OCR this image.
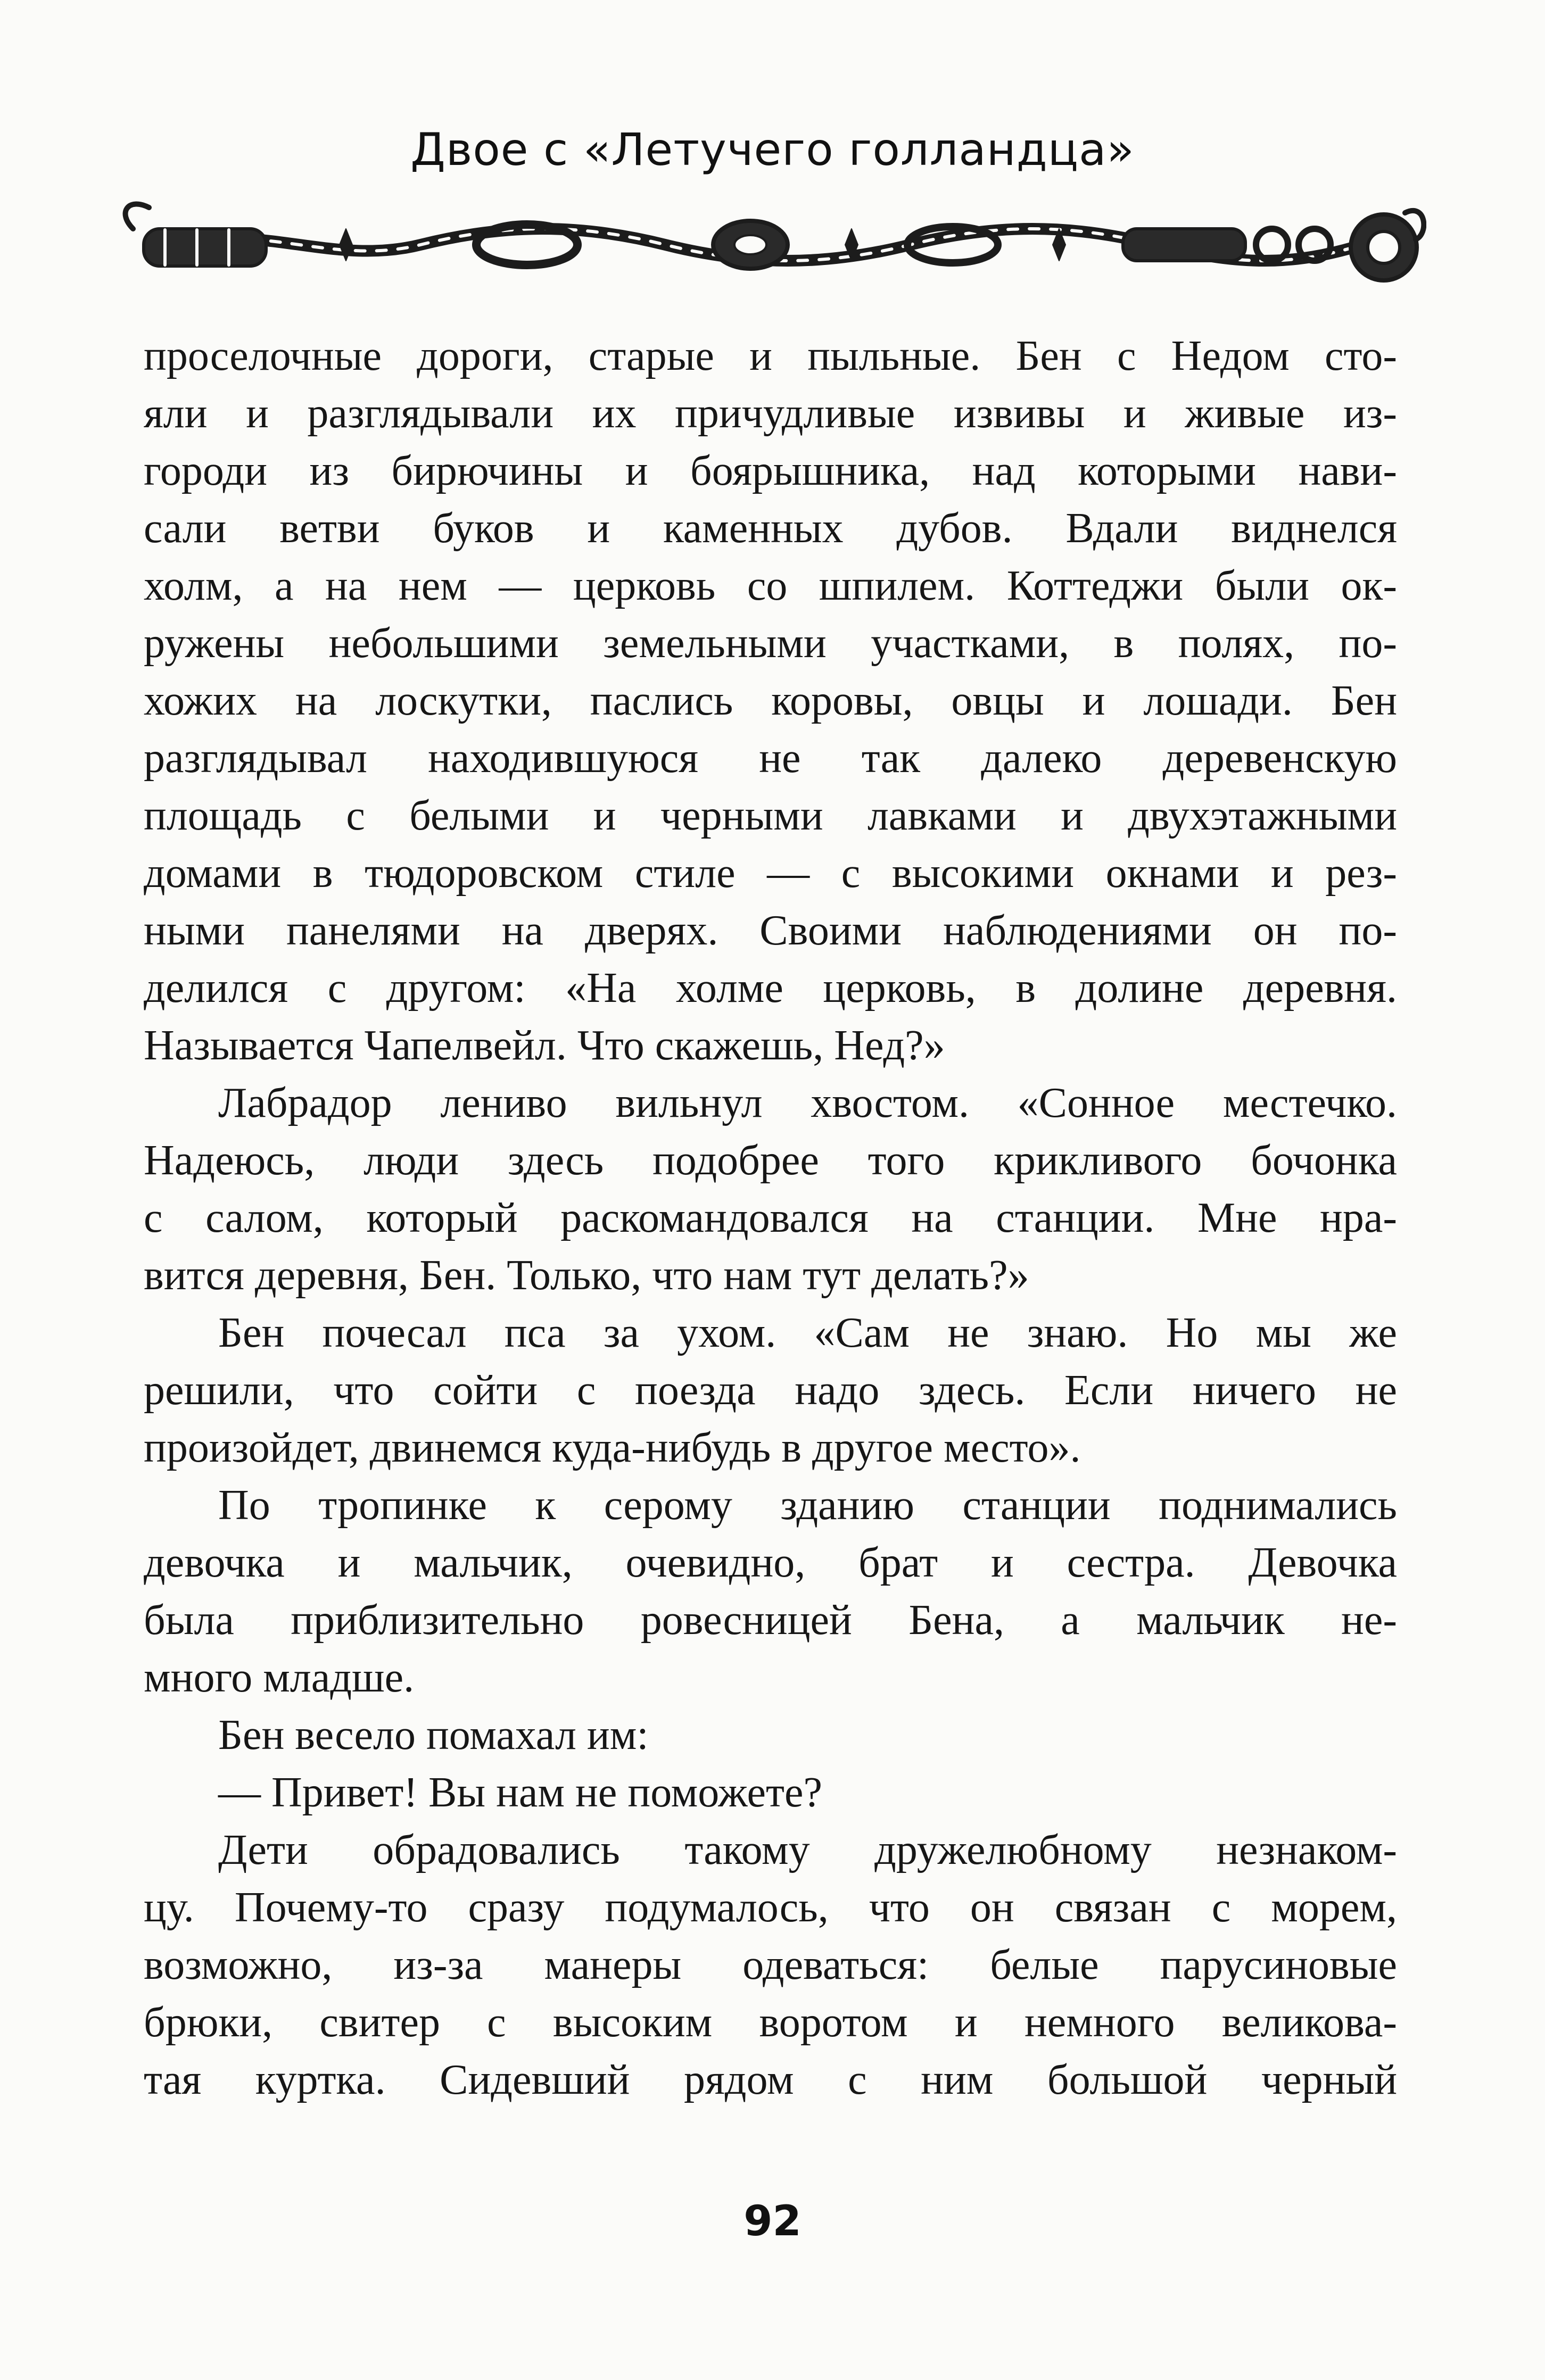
Двое с «Летучего голландца»
проселочные дороги, старые и пыльные. Бен с Недом сто-
яли и разглядывали их причудливые извивы и живые из-
городи из бирючины и боярышника, над которыми нави-
сали ветви буков и каменных дубов. Вдали виднелся
холм, а на нем — церковь со шпилем. Коттеджи были ок-
ружены небольшими земельными участками, в полях, по-
хожих на лоскутки, паслись коровы, овцы и лошади. Бен
разглядывал находившуюся не так далеко деревенскую
площадь с белыми и черными лавками и двухэтажными
домами в тюдоровском стиле — с высокими окнами и рез-
ными панелями на дверях. Своими наблюдениями он по-
делился с другом: «На холме церковь, в долине деревня.
Называется Чапелвейл. Что скажешь, Нед?»
Лабрадор лениво вильнул хвостом. «Сонное местечко.
Надеюсь, люди здесь подобрее того крикливого бочонка
с салом, который раскомандовался на станции. Мне нра-
вится деревня, Бен. Только, что нам тут делать?»
Бен почесал пса за ухом. «Сам не знаю. Но мы же
решили, что сойти с поезда надо здесь. Если ничего не
произойдет, двинемся куда-нибудь в другое место».
По тропинке к серому зданию станции поднимались
девочка и мальчик, очевидно, брат и сестра. Девочка
была приблизительно ровесницей Бена, а мальчик не-
много младше.
Бен весело помахал им:
— Привет! Вы нам не поможете?
Дети обрадовались такому дружелюбному незнаком-
цу. Почему-то сразу подумалось, что он связан с морем,
возможно, из-за манеры одеваться: белые парусиновые
брюки, свитер с высоким воротом и немного великова-
тая куртка. Сидевший рядом с ним большой черный
92
